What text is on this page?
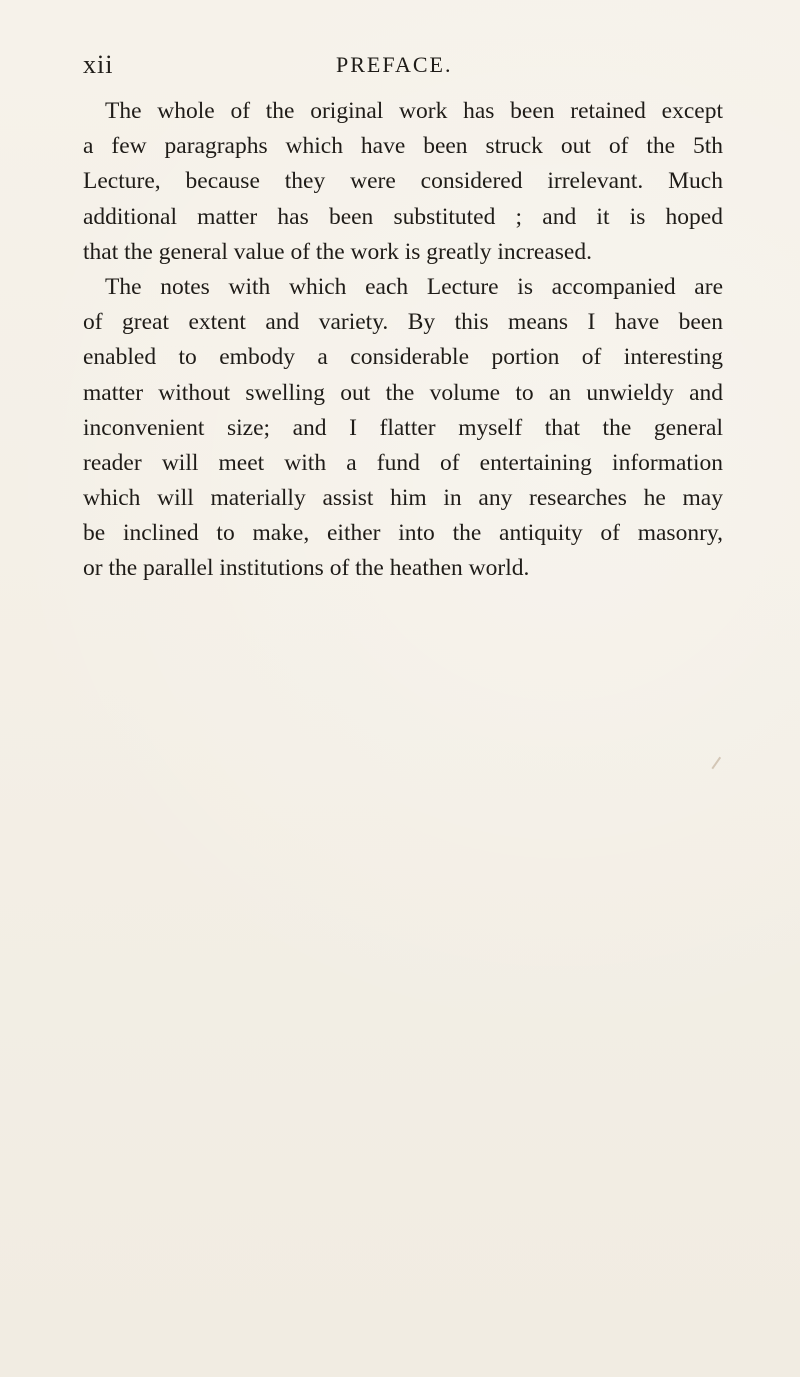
xii	PREFACE.
The whole of the original work has been retained except
a few paragraphs which have been struck out of the 5th
Lecture, because they were considered irrelevant. Much
additional matter has been substituted ; and it is hoped
that the general value of the work is greatly increased.
The notes with which each Lecture is accompanied are
of great extent and variety. By this means I have been
enabled to embody a considerable portion of interesting
matter without swelling out the volume to an unwieldy and
inconvenient size; and I flatter myself that the general
reader will meet with a fund of entertaining information
which will materially assist him in any researches he may
be inclined to make, either into the antiquity of masonry,
or the parallel institutions of the heathen world.
